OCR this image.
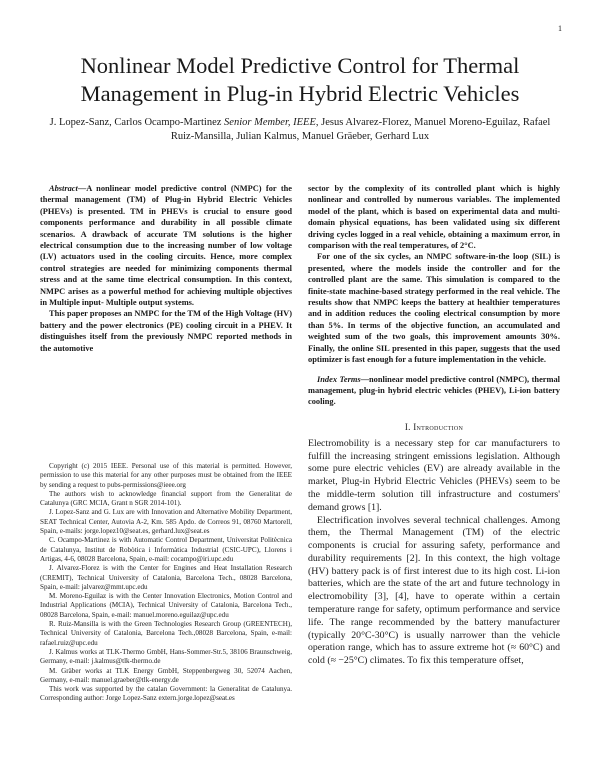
1
Nonlinear Model Predictive Control for Thermal Management in Plug-in Hybrid Electric Vehicles
J. Lopez-Sanz, Carlos Ocampo-Martinez Senior Member, IEEE, Jesus Alvarez-Florez, Manuel Moreno-Eguilaz, Rafael Ruiz-Mansilla, Julian Kalmus, Manuel Gräeber, Gerhard Lux

Abstract—A nonlinear model predictive control (NMPC) for the thermal management (TM) of Plug-in Hybrid Electric Vehicles (PHEVs) is presented. TM in PHEVs is crucial to ensure good components performance and durability in all possible climate scenarios. A drawback of accurate TM solutions is the higher electrical consumption due to the increasing number of low voltage (LV) actuators used in the cooling circuits. Hence, more complex control strategies are needed for minimizing components thermal stress and at the same time electrical consumption. In this context, NMPC arises as a powerful method for achieving multiple objectives in Multiple input- Multiple output systems.

This paper proposes an NMPC for the TM of the High Voltage (HV) battery and the power electronics (PE) cooling circuit in a PHEV. It distinguishes itself from the previously NMPC reported methods in the automotive

Copyright (c) 2015 IEEE. Personal use of this material is permitted. However, permission to use this material for any other purposes must be obtained from the IEEE by sending a request to pubs-permissions@ieee.org

The authors wish to acknowledge financial support from the Generalitat de Catalunya (GRC MCIA, Grant n SGR 2014-101).

J. Lopez-Sanz and G. Lux are with Innovation and Alternative Mobility Department, SEAT Technical Center, Autovia A-2, Km. 585 Apdo. de Correos 91, 08760 Martorell, Spain, e-mails: jorge.lopez10@seat.es, gerhard.lux@seat.es

C. Ocampo-Martinez is with Automatic Control Department, Universitat Politècnica de Catalunya, Institut de Robòtica i Informàtica Industrial (CSIC-UPC), Llorens i Artigas, 4-6, 08028 Barcelona, Spain, e-mail: cocampo@iri.upc.edu

J. Alvarez-Florez is with the Center for Engines and Heat Installation Research (CREMIT), Technical University of Catalonia, Barcelona Tech., 08028 Barcelona, Spain, e-mail: jalvarez@mmt.upc.edu

M. Moreno-Eguilaz is with the Center Innovation Electronics, Motion Control and Industrial Applications (MCIA), Technical University of Catalonia, Barcelona Tech., 08028 Barcelona, Spain, e-mail: manuel.moreno.eguilaz@upc.edu

R. Ruiz-Mansilla is with the Green Technologies Research Group (GREENTECH), Technical University of Catalonia, Barcelona Tech.,08028 Barcelona, Spain, e-mail: rafael.ruiz@upc.edu

J. Kalmus works at TLK-Thermo GmbH, Hans-Sommer-Str.5, 38106 Braunschweig, Germany, e-mail: j.kalmus@tlk-thermo.de

M. Gräber works at TLK Energy GmbH, Steppenbergweg 30, 52074 Aachen, Germany, e-mail: manuel.graeber@tlk-energy.de

This work was supported by the catalan Government: la Generalitat de Catalunya. Corresponding author: Jorge Lopez-Sanz extern.jorge.lopez@seat.es

sector by the complexity of its controlled plant which is highly nonlinear and controlled by numerous variables. The implemented model of the plant, which is based on experimental data and multi- domain physical equations, has been validated using six different driving cycles logged in a real vehicle, obtaining a maximum error, in comparison with the real temperatures, of 2°C.

For one of the six cycles, an NMPC software-in-the loop (SIL) is presented, where the models inside the controller and for the controlled plant are the same. This simulation is compared to the finite-state machine-based strategy performed in the real vehicle. The results show that NMPC keeps the battery at healthier temperatures and in addition reduces the cooling electrical consumption by more than 5%. In terms of the objective function, an accumulated and weighted sum of the two goals, this improvement amounts 30%. Finally, the online SIL presented in this paper, suggests that the used optimizer is fast enough for a future implementation in the vehicle.

Index Terms—nonlinear model predictive control (NMPC), thermal management, plug-in hybrid electric vehicles (PHEV), Li-ion battery cooling.

I. Introduction

Electromobility is a necessary step for car manufacturers to fulfill the increasing stringent emissions legislation. Although some pure electric vehicles (EV) are already available in the market, Plug-in Hybrid Electric Vehicles (PHEVs) seem to be the middle-term solution till infrastructure and costumers' demand grows [1].

Electrification involves several technical challenges. Among them, the Thermal Management (TM) of the electric components is crucial for assuring safety, performance and durability requirements [2]. In this context, the high voltage (HV) battery pack is of first interest due to its high cost. Li-ion batteries, which are the state of the art and future technology in electromobility [3], [4], have to operate within a certain temperature range for safety, optimum performance and service life. The range recommended by the battery manufacturer (typically 20°C-30°C) is usually narrower than the vehicle operation range, which has to assure extreme hot (≈ 60°C) and cold (≈ −25°C) climates. To fix this temperature offset,
